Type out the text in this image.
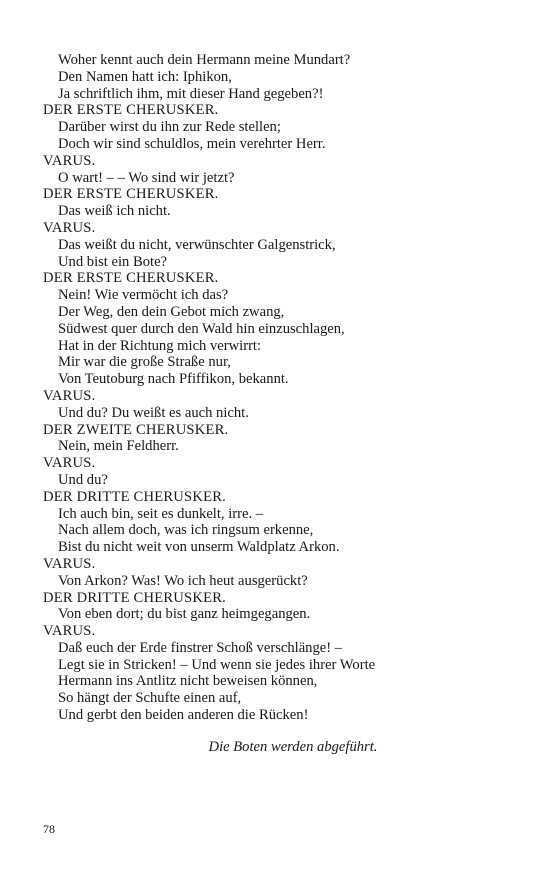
Woher kennt auch dein Hermann meine Mundart?
Den Namen hatt ich: Iphikon,
Ja schriftlich ihm, mit dieser Hand gegeben?!
DER ERSTE CHERUSKER.
Darüber wirst du ihn zur Rede stellen;
Doch wir sind schuldlos, mein verehrter Herr.
VARUS.
O wart! – – Wo sind wir jetzt?
DER ERSTE CHERUSKER.
Das weiß ich nicht.
VARUS.
Das weißt du nicht, verwünschter Galgenstrick,
Und bist ein Bote?
DER ERSTE CHERUSKER.
Nein! Wie vermöcht ich das?
Der Weg, den dein Gebot mich zwang,
Südwest quer durch den Wald hin einzuschlagen,
Hat in der Richtung mich verwirrt:
Mir war die große Straße nur,
Von Teutoburg nach Pfiffikon, bekannt.
VARUS.
Und du? Du weißt es auch nicht.
DER ZWEITE CHERUSKER.
Nein, mein Feldherr.
VARUS.
Und du?
DER DRITTE CHERUSKER.
Ich auch bin, seit es dunkelt, irre. –
Nach allem doch, was ich ringsum erkenne,
Bist du nicht weit von unserm Waldplatz Arkon.
VARUS.
Von Arkon? Was! Wo ich heut ausgerückt?
DER DRITTE CHERUSKER.
Von eben dort; du bist ganz heimgegangen.
VARUS.
Daß euch der Erde finstrer Schoß verschlänge! –
Legt sie in Stricken! – Und wenn sie jedes ihrer Worte
Hermann ins Antlitz nicht beweisen können,
So hängt der Schufte einen auf,
Und gerbt den beiden anderen die Rücken!
Die Boten werden abgeführt.
78
